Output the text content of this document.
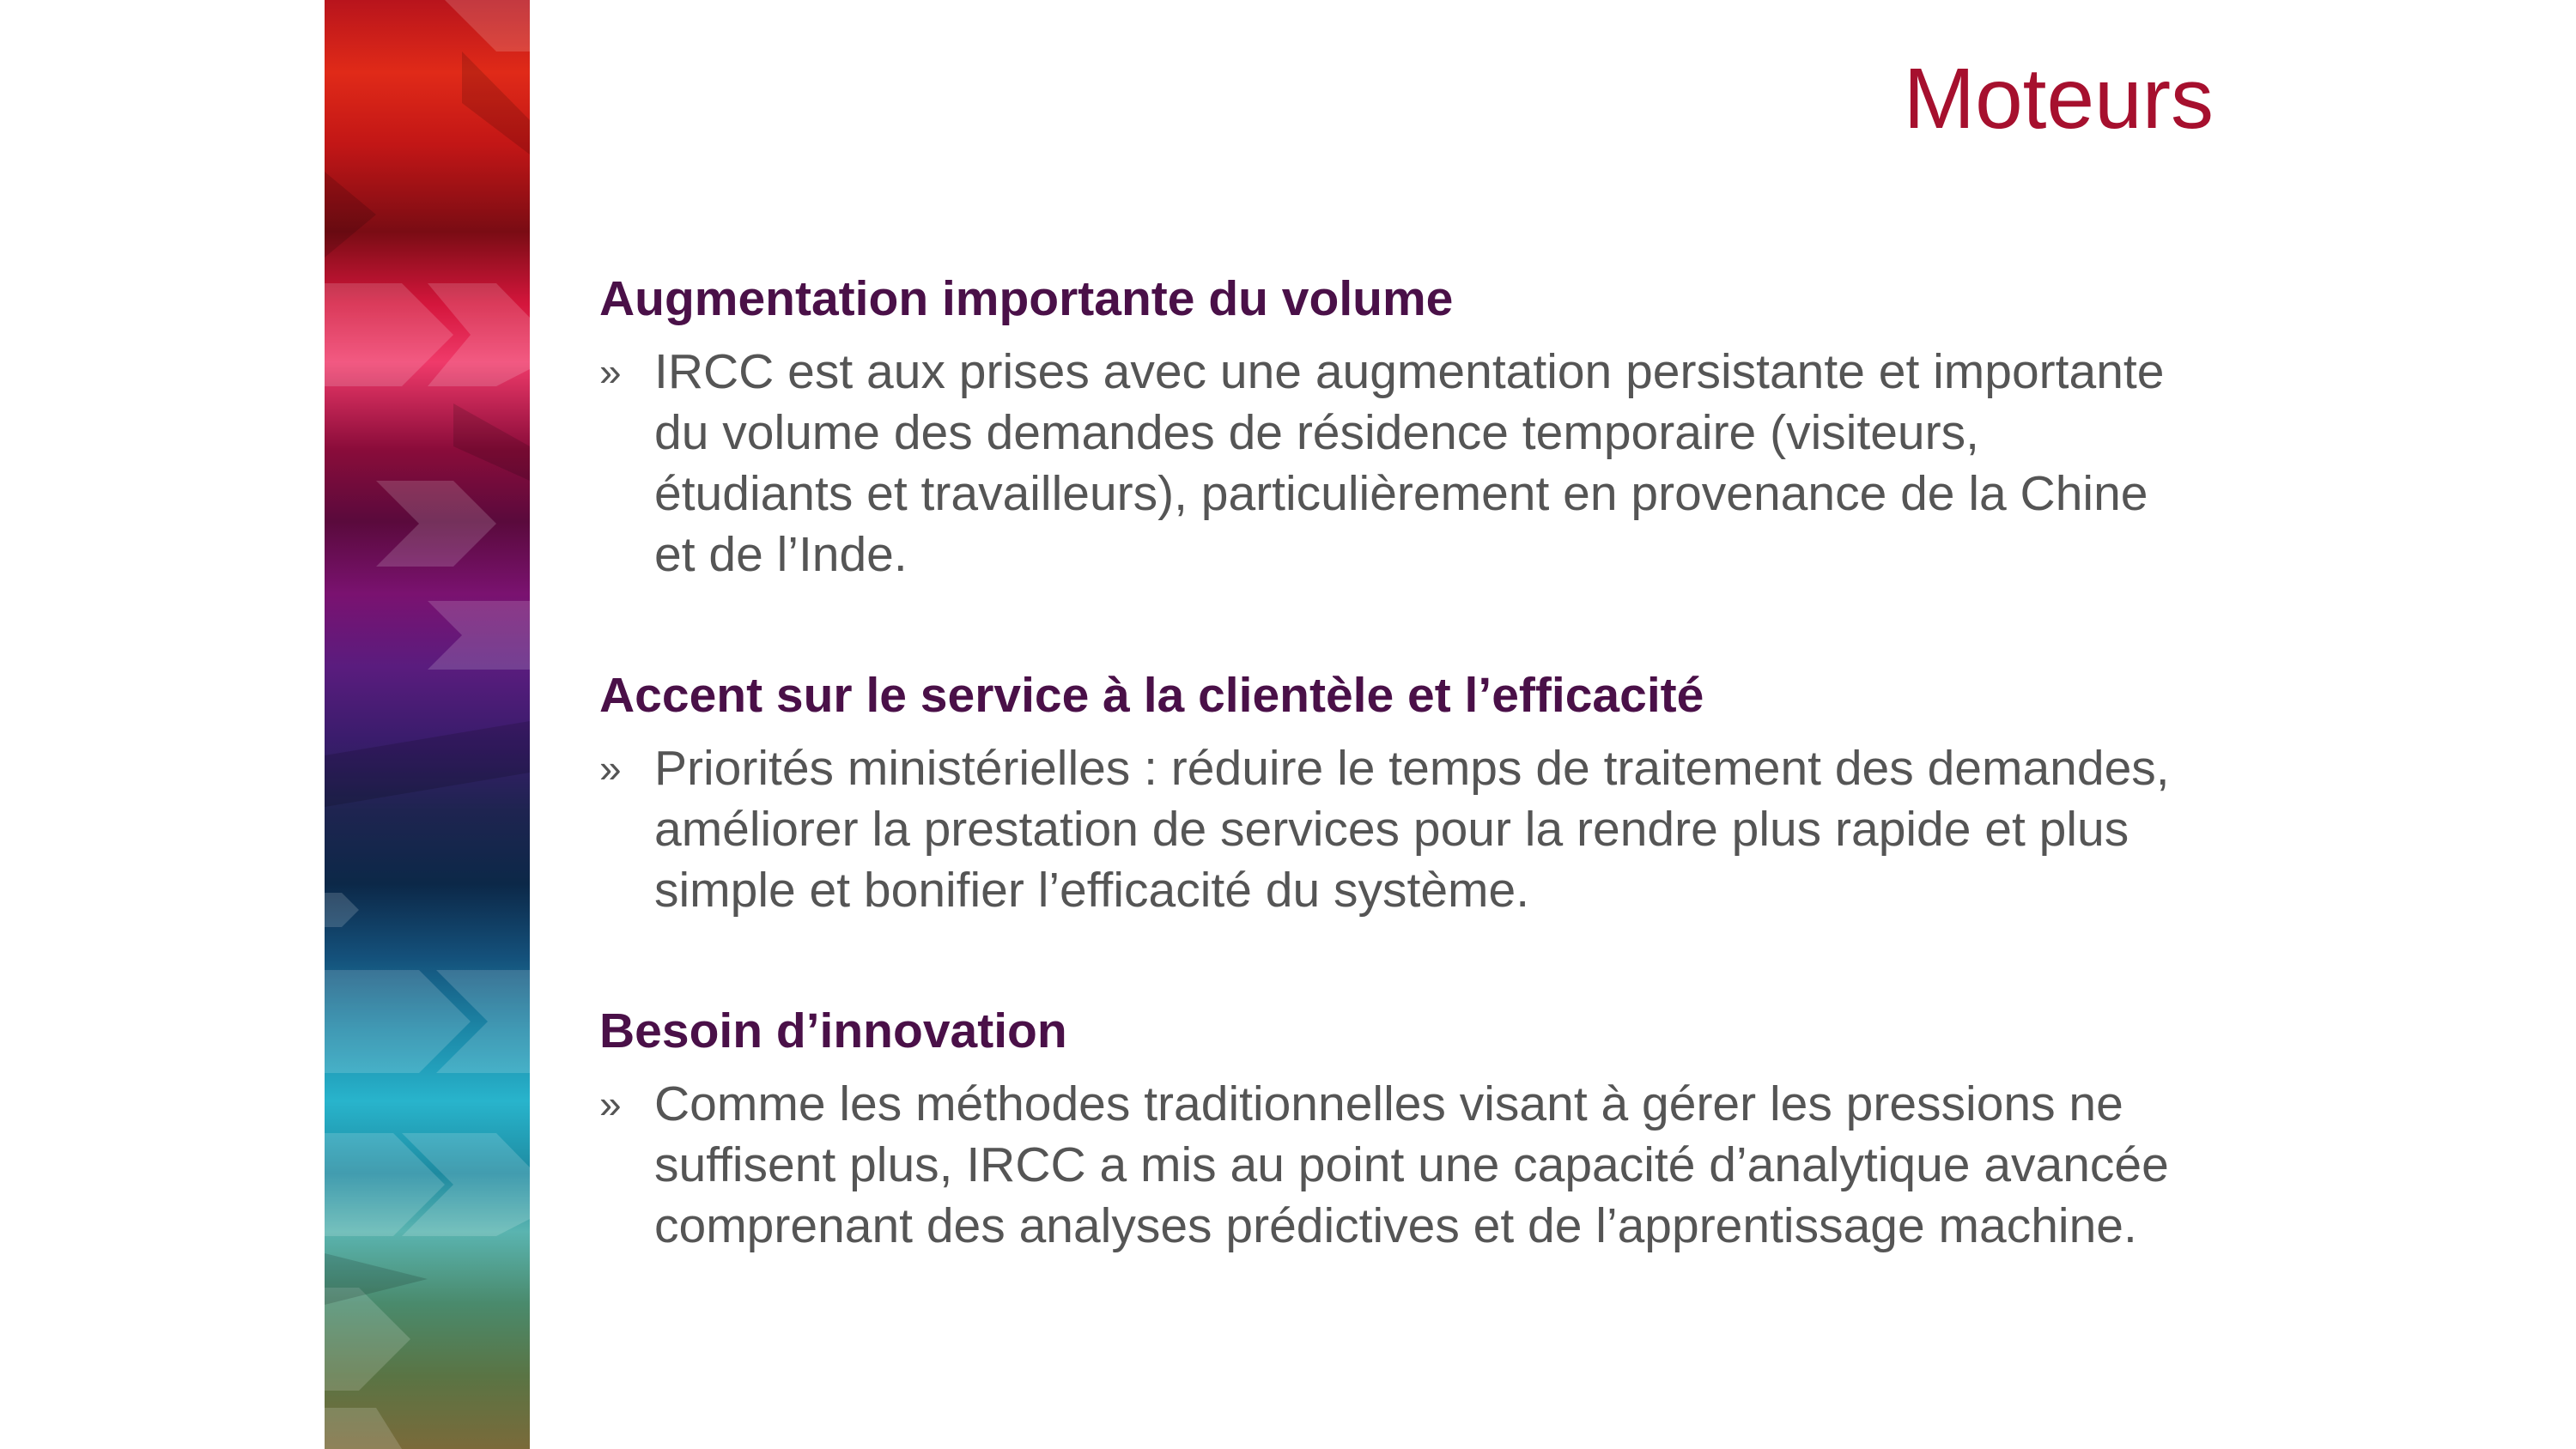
Moteurs
Augmentation importante du volume
» IRCC est aux prises avec une augmentation persistante et importante
du volume des demandes de résidence temporaire (visiteurs,
étudiants et travailleurs), particulièrement en provenance de la Chine
et de l’Inde.
Accent sur le service à la clientèle et l’efficacité
» Priorités ministérielles : réduire le temps de traitement des demandes,
améliorer la prestation de services pour la rendre plus rapide et plus
simple et bonifier l’efficacité du système.
Besoin d’innovation
» Comme les méthodes traditionnelles visant à gérer les pressions ne
suffisent plus, IRCC a mis au point une capacité d’analytique avancée
comprenant des analyses prédictives et de l’apprentissage machine.
